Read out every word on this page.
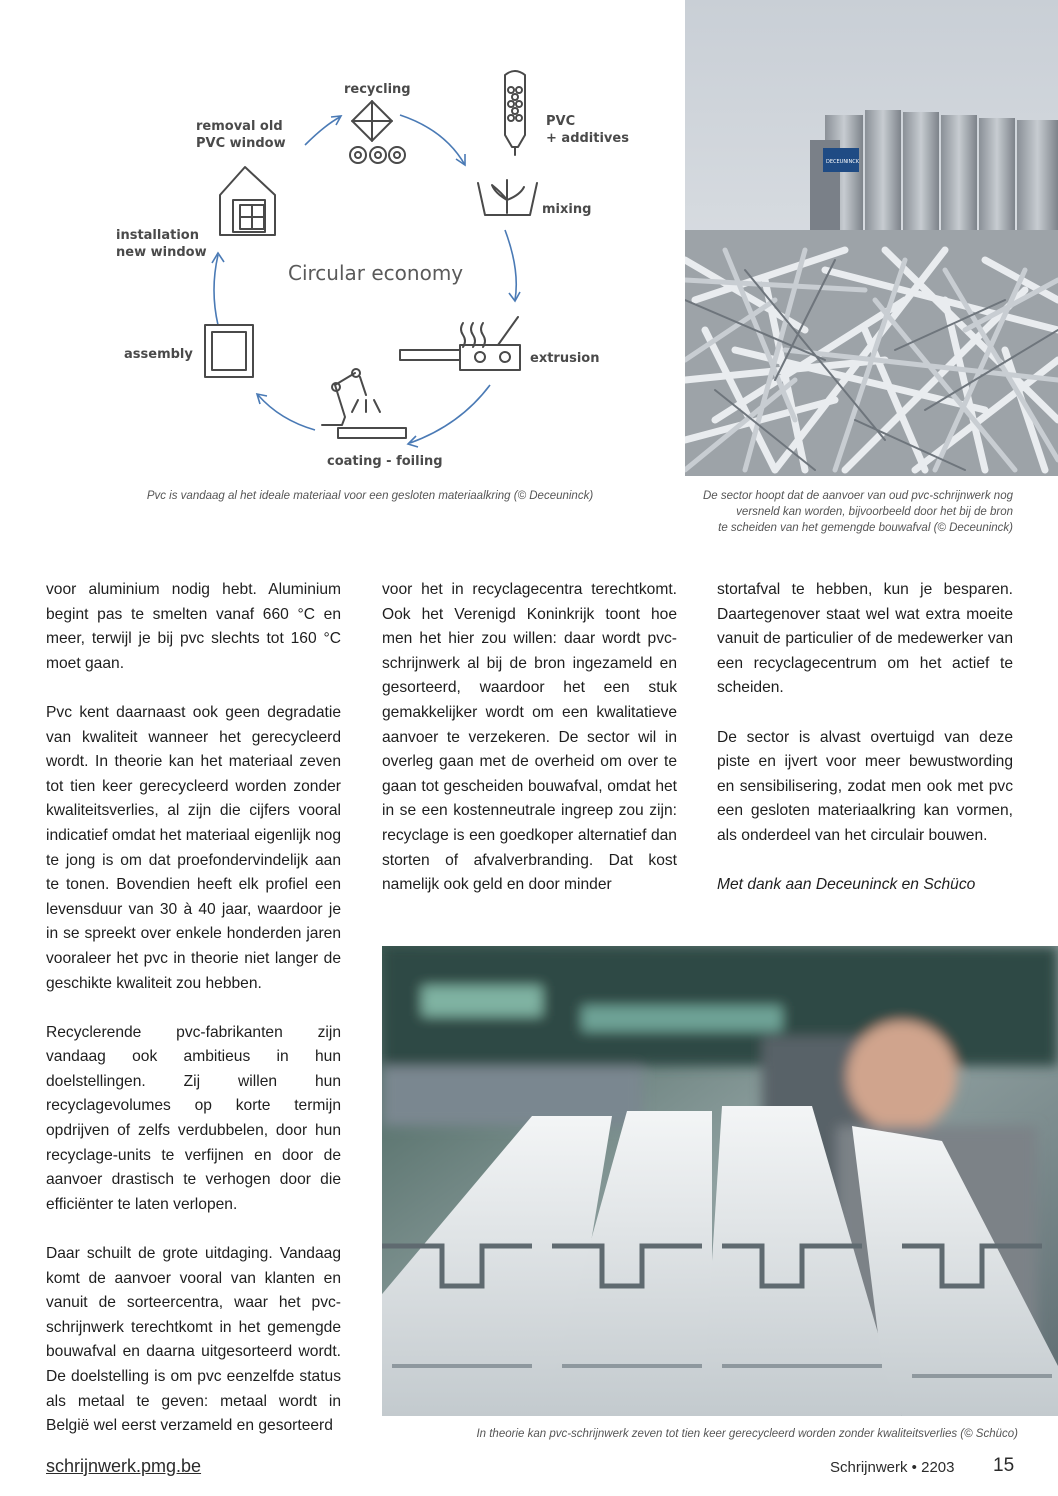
recycling
PVC
+ additives
mixing
extrusion
coating - foiling
assembly
installation
new window
removal old
PVC window
Circular economy
DECEUNINCK
Pvc is vandaag al het ideale materiaal voor een gesloten materiaalkring (© Deceuninck)	De sector hoopt dat de aanvoer van oud pvc-schrijnwerk nog
versneld kan worden, bijvoorbeeld door het bij de bron
te scheiden van het gemengde bouwafval (© Deceuninck)

voor aluminium nodig hebt. Aluminium begint pas te smelten vanaf 660 °C en meer, terwijl je bij pvc slechts tot 160 °C moet gaan.

Pvc kent daarnaast ook geen degradatie van kwaliteit wanneer het gerecycleerd wordt. In theorie kan het materiaal zeven tot tien keer gerecycleerd worden zonder kwaliteitsverlies, al zijn die cijfers vooral indicatief omdat het materiaal eigenlijk nog te jong is om dat proefondervindelijk aan te tonen. Bovendien heeft elk profiel een levensduur van 30 à 40 jaar, waardoor je in se spreekt over enkele honderden jaren vooraleer het pvc in theorie niet langer de geschikte kwaliteit zou hebben.

Recyclerende pvc-fabrikanten zijn vandaag ook ambitieus in hun doelstellingen. Zij willen hun recyclagevolumes op korte termijn opdrijven of zelfs verdubbelen, door hun recyclage-units te verfijnen en door de aanvoer drastisch te verhogen door die efficiënter te laten verlopen.

Daar schuilt de grote uitdaging. Vandaag komt de aanvoer vooral van klanten en vanuit de sorteercentra, waar het pvc-schrijnwerk terechtkomt in het gemengde bouwafval en daarna uitgesorteerd wordt. De doelstelling is om pvc eenzelfde status als metaal te geven: metaal wordt in België wel eerst verzameld en gesorteerd

voor het in recyclagecentra terechtkomt. Ook het Verenigd Koninkrijk toont hoe men het hier zou willen: daar wordt pvc-schrijnwerk al bij de bron ingezameld en gesorteerd, waardoor het een stuk gemakkelijker wordt om een kwalitatieve aanvoer te verzekeren. De sector wil in overleg gaan met de overheid om over te gaan tot gescheiden bouwafval, omdat het in se een kostenneutrale ingreep zou zijn: recyclage is een goedkoper alternatief dan storten of afvalverbranding. Dat kost namelijk ook geld en door minder

stortafval te hebben, kun je besparen. Daartegenover staat wel wat extra moeite vanuit de particulier of de medewerker van een recyclagecentrum om het actief te scheiden.

De sector is alvast overtuigd van deze piste en ijvert voor meer bewustwording en sensibilisering, zodat men ook met pvc een gesloten materiaalkring kan vormen, als onderdeel van het circulair bouwen.

Met dank aan Deceuninck en Schüco

In theorie kan pvc-schrijnwerk zeven tot tien keer gerecycleerd worden zonder kwaliteitsverlies (© Schüco)
schrijnwerk.pmg.be	Schrijnwerk • 2203 15
